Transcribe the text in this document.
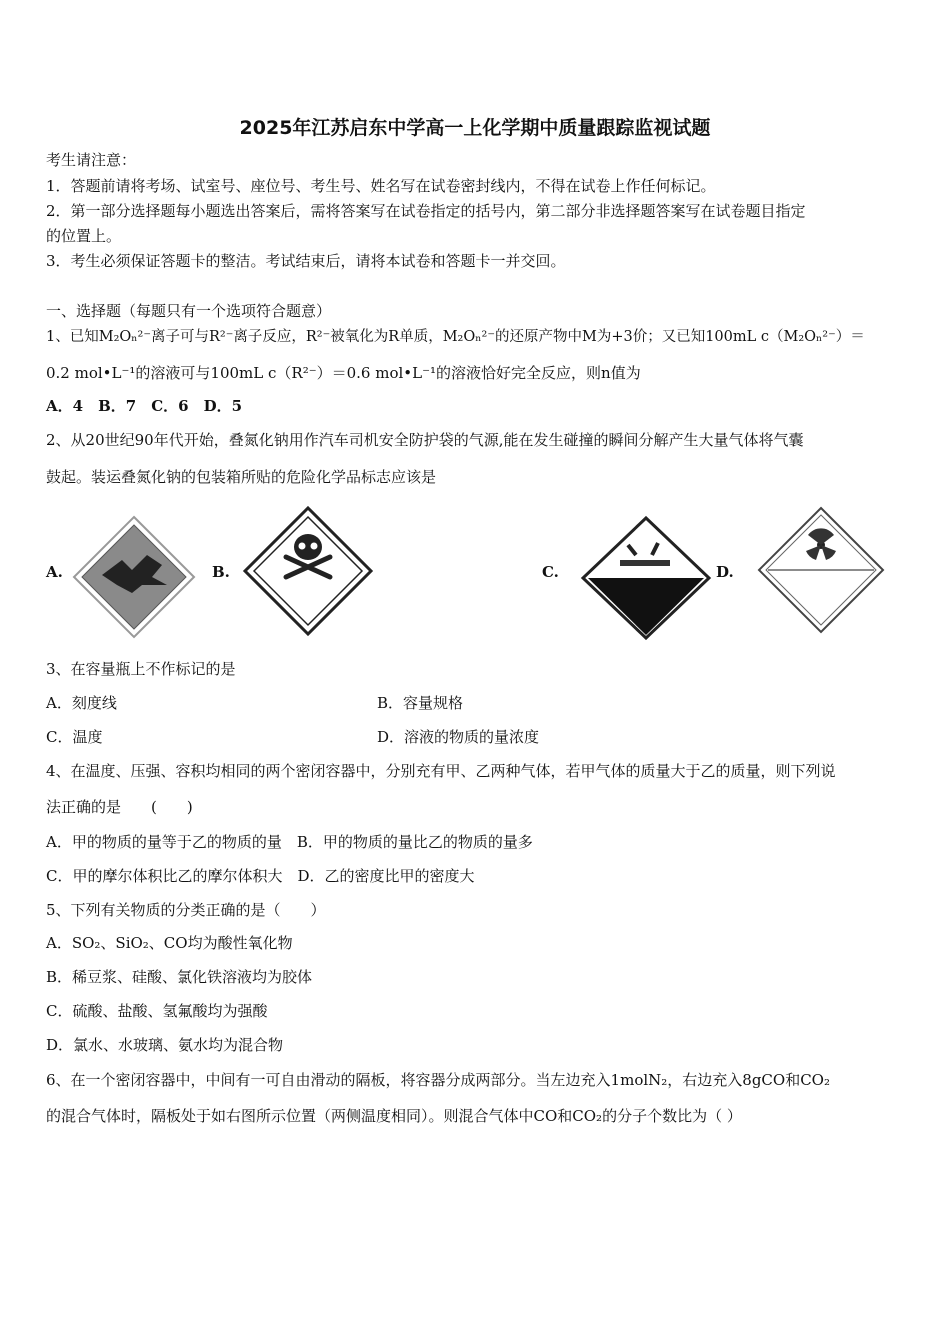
2025年江苏启东中学高一上化学期中质量跟踪监视试题
考生请注意：
1．答题前请将考场、试室号、座位号、考生号、姓名写在试卷密封线内，不得在试卷上作任何标记。
2．第一部分选择题每小题选出答案后，需将答案写在试卷指定的括号内，第二部分非选择题答案写在试卷题目指定
的位置上。
3．考生必须保证答题卡的整洁。考试结束后，请将本试卷和答题卡一并交回。
一、选择题（每题只有一个选项符合题意）
1、已知M₂Oₙ²⁻离子可与R²⁻离子反应，R²⁻被氧化为R单质，M₂Oₙ²⁻的还原产物中M为+3价；又已知100mL c（M₂Oₙ²⁻）＝
0.2 mol•L⁻¹的溶液可与100mL c（R²⁻）＝0.6 mol•L⁻¹的溶液恰好完全反应，则n值为
A．4　B．7　C．6　D．5
2、从20世纪90年代开始，叠氮化钠用作汽车司机安全防护袋的气源,能在发生碰撞的瞬间分解产生大量气体将气囊
鼓起。装运叠氮化钠的包装箱所贴的危险化学品标志应该是
A.	B.	C.	D.
3、在容量瓶上不作标记的是
A．刻度线	B．容量规格
C．温度	D．溶液的物质的量浓度
4、在温度、压强、容积均相同的两个密闭容器中，分别充有甲、乙两种气体，若甲气体的质量大于乙的质量，则下列说
法正确的是　　(　　)
A．甲的物质的量等于乙的物质的量　B．甲的物质的量比乙的物质的量多
C．甲的摩尔体积比乙的摩尔体积大　D．乙的密度比甲的密度大
5、下列有关物质的分类正确的是（　　）
A．SO₂、SiO₂、CO均为酸性氧化物
B．稀豆浆、硅酸、氯化铁溶液均为胶体
C．硫酸、盐酸、氢氟酸均为强酸
D．氯水、水玻璃、氨水均为混合物
6、在一个密闭容器中，中间有一可自由滑动的隔板，将容器分成两部分。当左边充入1molN₂，右边充入8gCO和CO₂
的混合气体时，隔板处于如右图所示位置（两侧温度相同）。则混合气体中CO和CO₂的分子个数比为（ ）
